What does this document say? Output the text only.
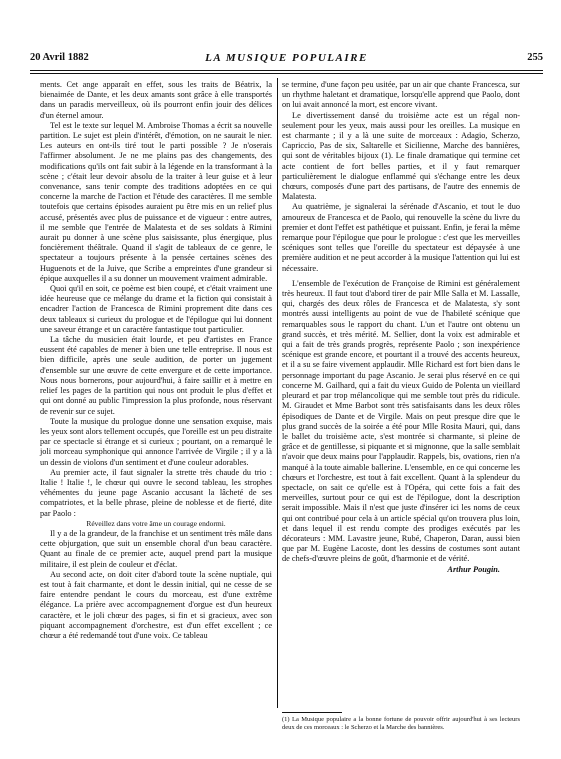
20 Avril 1882	LA MUSIQUE POPULAIRE	255

ments. Cet ange apparaît en effet, sous les traits de Béatrix, la bienaimée de Dante, et les deux amants sont grâce à elle transportés dans un paradis merveilleux, où ils pourront enfin jouir des délices d'un éternel amour.

Tel est le texte sur lequel M. Ambroise Thomas a écrit sa nouvelle partition. Le sujet est plein d'intérêt, d'émotion, on ne saurait le nier. Les auteurs en ont-ils tiré tout le parti possible ? Je n'oserais l'affirmer absolument. Je ne me plains pas des changements, des modifications qu'ils ont fait subir à la légende en la transformant à la scène ; c'était leur devoir absolu de la traiter à leur guise et à leur convenance, sans tenir compte des traditions adoptées en ce qui concerne la marche de l'action et l'étude des caractères. Il me semble toutefois que certains épisodes auraient pu être mis en un relief plus accusé, présentés avec plus de puissance et de vigueur : entre autres, il me semble que l'entrée de Malatesta et de ses soldats à Rimini aurait pu donner à une scène plus saisissante, plus énergique, plus foncièrement théâtrale. Quand il s'agit de tableaux de ce genre, le spectateur a toujours présente à la pensée certaines scènes des Huguenots et de la Juive, que Scribe a empreintes d'une grandeur si épique auxquelles il a su donner un mouvement vraiment admirable.

Quoi qu'il en soit, ce poème est bien coupé, et c'était vraiment une idée heureuse que ce mélange du drame et la fiction qui consistait à encadrer l'action de Francesca de Rimini proprement dite dans ces deux tableaux si curieux du prologue et de l'épilogue qui lui donnent une saveur étrange et un caractère fantastique tout particulier.

La tâche du musicien était lourde, et peu d'artistes en France eussent été capables de mener à bien une telle entreprise. Il nous est bien difficile, après une seule audition, de porter un jugement d'ensemble sur une œuvre de cette envergure et de cette importance. Nous nous bornerons, pour aujourd'hui, à faire saillir et à mettre en relief les pages de la partition qui nous ont produit le plus d'effet et qui ont donné au public l'impression la plus profonde, nous réservant de revenir sur ce sujet.

Toute la musique du prologue donne une sensation exquise, mais les yeux sont alors tellement occupés, que l'oreille est un peu distraite par ce spectacle si étrange et si curieux ; pourtant, on a remarqué le joli morceau symphonique qui annonce l'arrivée de Virgile ; il y a là un dessin de violons d'un sentiment et d'une couleur adorables.

Au premier acte, il faut signaler la strette très chaude du trio : Italie ! Italie !, le chœur qui ouvre le second tableau, les strophes véhémentes du jeune page Ascanio accusant la lâcheté de ses compatriotes, et la belle phrase, pleine de noblesse et de fierté, dite par Paolo :

Réveillez dans votre âme un courage endormi.

Il y a de la grandeur, de la franchise et un sentiment très mâle dans cette objurgation, que suit un ensemble choral d'un beau caractère. Quant au finale de ce premier acte, auquel prend part la musique militaire, il est plein de couleur et d'éclat.

Au second acte, on doit citer d'abord toute la scène nuptiale, qui est tout à fait charmante, et dont le dessin initial, qui ne cesse de se faire entendre pendant le cours du morceau, est d'une extrême élégance. La prière avec accompagnement d'orgue est d'un heureux caractère, et le joli chœur des pages, si fin et si gracieux, avec son piquant accompagnement d'orchestre, est d'un effet excellent ; ce chœur a été redemandé tout d'une voix. Ce tableau

se termine, d'une façon peu usitée, par un air que chante Francesca, sur un rhythme haletant et dramatique, lorsqu'elle apprend que Paolo, dont on lui avait annoncé la mort, est encore vivant.

Le divertissement dansé du troisième acte est un régal non-seulement pour les yeux, mais aussi pour les oreilles. La musique en est charmante ; il y a là une suite de morceaux : Adagio, Scherzo, Capriccio, Pas de six, Saltarelle et Sicilienne, Marche des bannières, qui sont de véritables bijoux (1). Le finale dramatique qui termine cet acte contient de fort belles parties, et il y faut remarquer particulièrement le dialogue enflammé qui s'échange entre les deux chœurs, composés d'une part des partisans, de l'autre des ennemis de Malatesta.

Au quatrième, je signalerai la sérénade d'Ascanio, et tout le duo amoureux de Francesca et de Paolo, qui renouvelle la scène du livre du premier et dont l'effet est pathétique et puissant. Enfin, je ferai la même remarque pour l'épilogue que pour le prologue : c'est que les merveilles scéniques sont telles que l'oreille du spectateur est dépaysée à une première audition et ne peut accorder à la musique l'attention qui lui est nécessaire.

L'ensemble de l'exécution de Françoise de Rimini est généralement très heureux. Il faut tout d'abord tirer de pair Mlle Salla et M. Lassalle, qui, chargés des deux rôles de Francesca et de Malatesta, s'y sont montrés aussi intelligents au point de vue de l'habileté scénique que remarquables sous le rapport du chant. L'un et l'autre ont obtenu un grand succès, et très mérité. M. Sellier, dont la voix est admirable et qui a fait de très grands progrès, représente Paolo ; son inexpérience scénique est grande encore, et pourtant il a trouvé des accents heureux, et il a su se faire vivement applaudir. Mlle Richard est fort bien dans le personnage important du page Ascanio. Je serai plus réservé en ce qui concerne M. Gailhard, qui a fait du vieux Guido de Polenta un vieillard pleurard et par trop mélancolique qui me semble tout près du ridicule. M. Giraudet et Mme Barbot sont très satisfaisants dans les deux rôles épisodiques de Dante et de Virgile. Mais on peut presque dire que le plus grand succès de la soirée a été pour Mlle Rosita Mauri, qui, dans le ballet du troisième acte, s'est montrée si charmante, si pleine de grâce et de gentillesse, si piquante et si mignonne, que la salle semblait n'avoir que deux mains pour l'applaudir. Rappels, bis, ovations, rien n'a manqué à la toute aimable ballerine. L'ensemble, en ce qui concerne les chœurs et l'orchestre, est tout à fait excellent. Quant à la splendeur du spectacle, on sait ce qu'elle est à l'Opéra, qui cette fois a fait des merveilles, surtout pour ce qui est de l'épilogue, dont la description serait impossible. Mais il n'est que juste d'insérer ici les noms de ceux qui ont contribué pour cela à un article spécial qu'on trouvera plus loin, et dans lequel il est rendu compte des prodiges exécutés par les décorateurs : MM. Lavastre jeune, Rubé, Chaperon, Daran, aussi bien que par M. Eugène Lacoste, dont les dessins de costumes sont autant de chefs-d'œuvre pleins de goût, d'harmonie et de vérité.

Arthur Pougin.

(1) La Musique populaire a la bonne fortune de pouvoir offrir aujourd'hui à ses lecteurs deux de ces morceaux : le Scherzo et la Marche des bannières.
